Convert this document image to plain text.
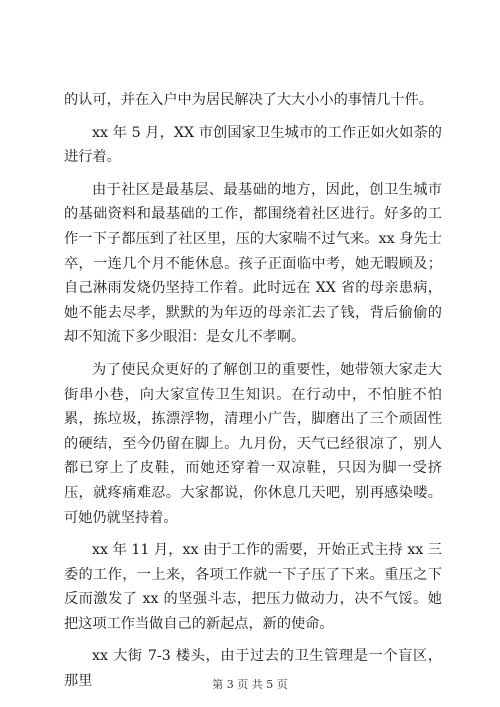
的认可，并在入户中为居民解决了大大小小的事情几十件。

xx 年 5 月，XX 市创国家卫生城市的工作正如火如荼的进行着。

由于社区是最基层、最基础的地方，因此，创卫生城市的基础资料和最基础的工作，都围绕着社区进行。好多的工作一下子都压到了社区里，压的大家喘不过气来。xx 身先士卒，一连几个月不能休息。孩子正面临中考，她无暇顾及；自己淋雨发烧仍坚持工作着。此时远在 XX 省的母亲患病，她不能去尽孝，默默的为年迈的母亲汇去了钱，背后偷偷的却不知流下多少眼泪：是女儿不孝啊。

为了使民众更好的了解创卫的重要性，她带领大家走大街串小巷，向大家宣传卫生知识。在行动中，不怕脏不怕累，拣垃圾，拣漂浮物，清理小广告，脚磨出了三个顽固性的硬结，至今仍留在脚上。九月份，天气已经很凉了，别人都已穿上了皮鞋，而她还穿着一双凉鞋，只因为脚一受挤压，就疼痛难忍。大家都说，你休息几天吧，别再感染喽。可她仍就坚持着。

xx 年 11 月，xx 由于工作的需要，开始正式主持 xx 三委的工作，一上来，各项工作就一下子压了下来。重压之下反而激发了 xx 的坚强斗志，把压力做动力，决不气馁。她把这项工作当做自己的新起点，新的使命。

xx 大街 7-3 楼头，由于过去的卫生管理是一个盲区，那里	第 3 页 共 5 页
